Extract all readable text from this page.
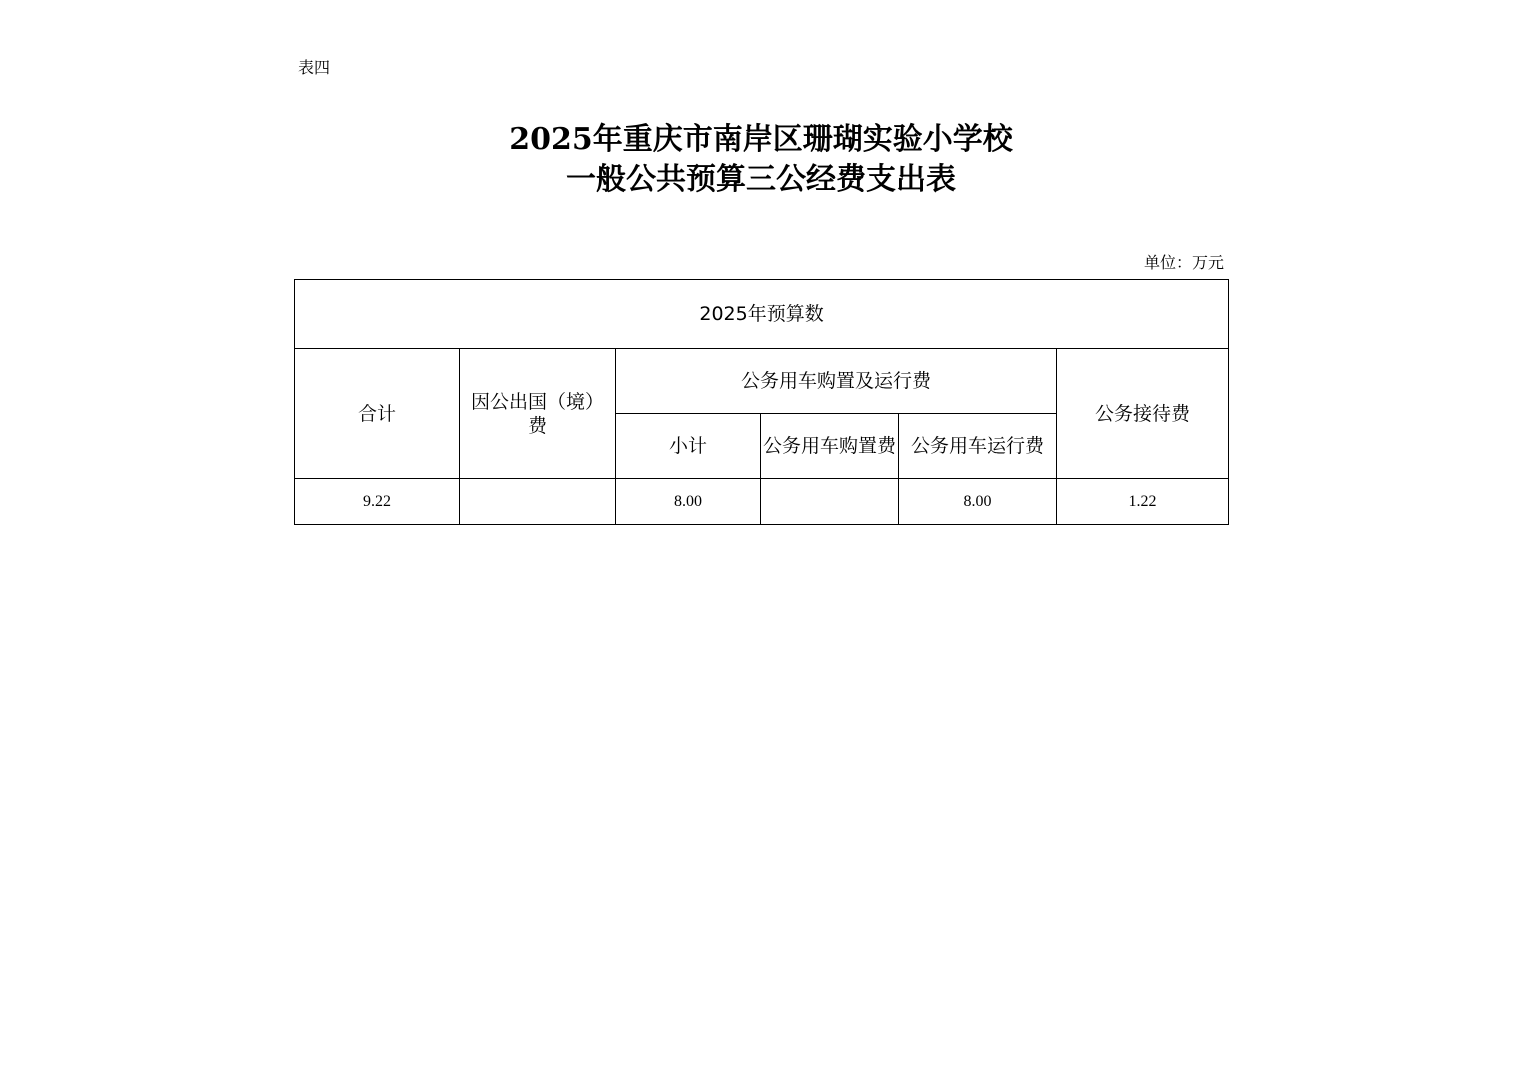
表四
2025年重庆市南岸区珊瑚实验小学校
一般公共预算三公经费支出表
单位：万元
2025年预算数					
合计	因公出国（境）费	公务用车购置及运行费			公务接待费
		小计	公务用车购置费	公务用车运行费	
9.22		8.00		8.00	1.22
